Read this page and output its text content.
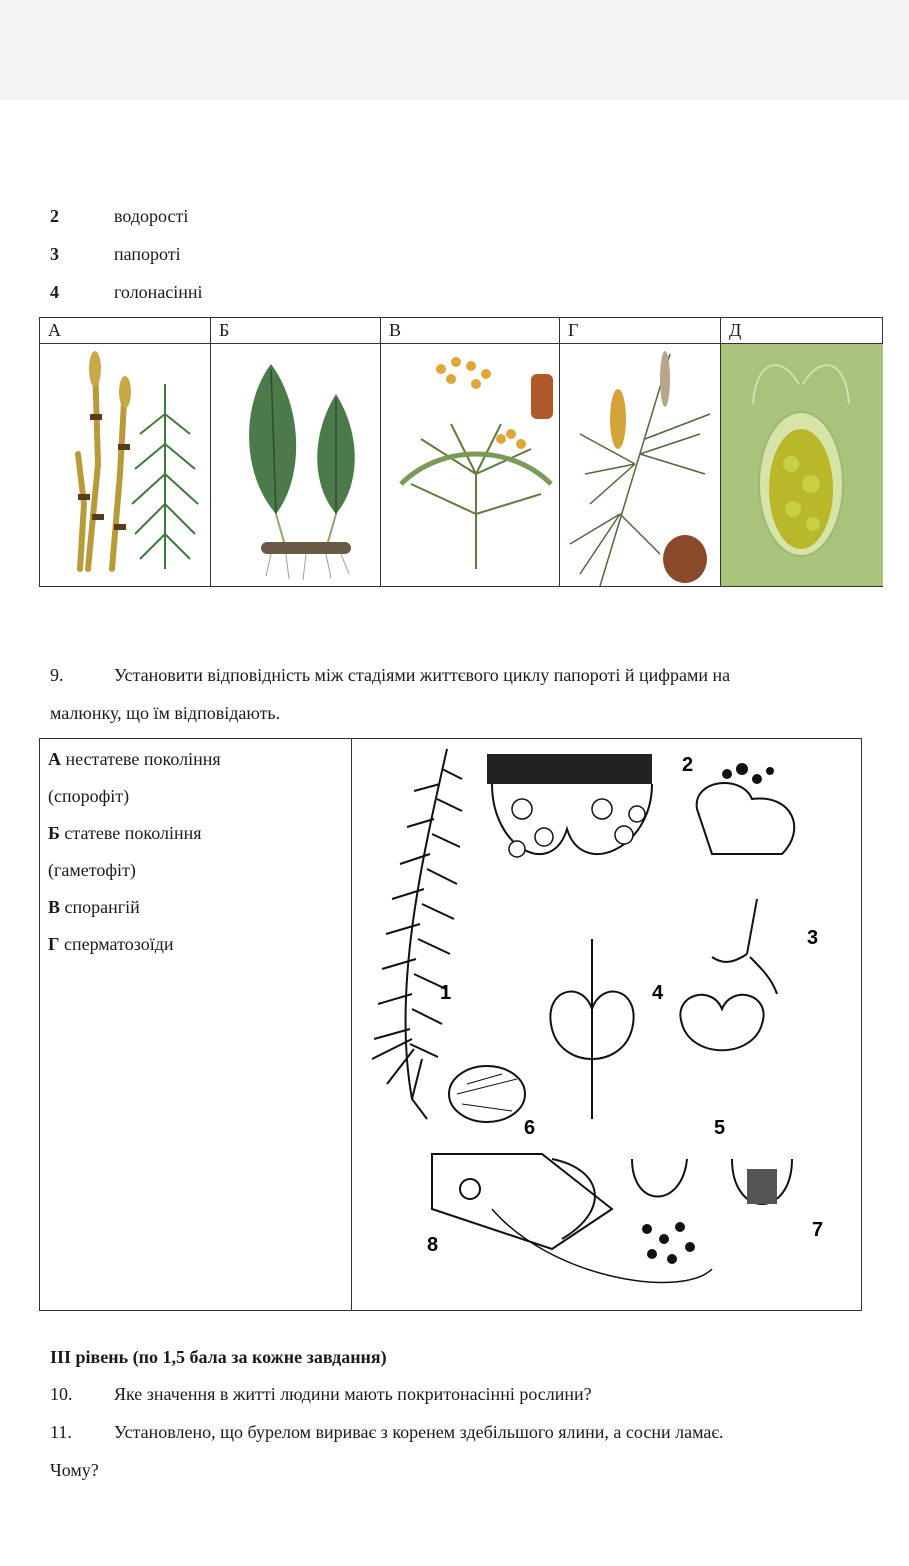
2	водорості
3	папороті
4	голонасінні
А	Б	В	Г	Д

9.	Установити відповідність між стадіями життєвого циклу папороті й цифрами на
малюнку, що їм відповідають.
А нестатеве покоління
(спорофіт)
Б статеве покоління
(гаметофіт)
В спорангій
Г сперматозоїди

1
2
3
4
5
6
7
8
ІІІ рівень (по 1,5 бала за кожне завдання)
10. Яке значення в житті людини мають покритонасінні рослини?
11. Установлено, що бурелом вириває з коренем здебільшого ялини, а сосни ламає.
Чому?
